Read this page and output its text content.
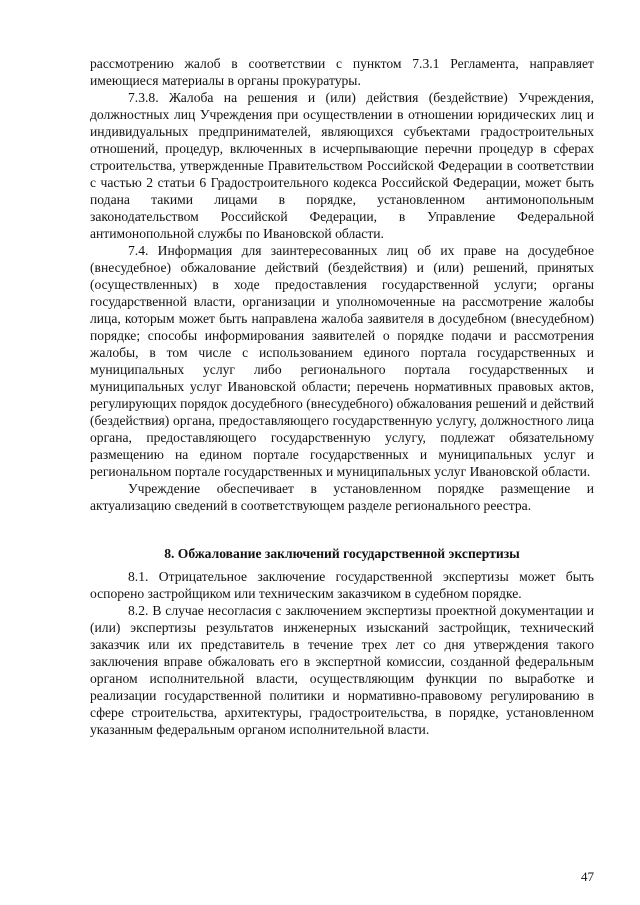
рассмотрению жалоб в соответствии с пунктом 7.3.1 Регламента, направляет имеющиеся материалы в органы прокуратуры.

7.3.8. Жалоба на решения и (или) действия (бездействие) Учреждения, должностных лиц Учреждения при осуществлении в отношении юридических лиц и индивидуальных предпринимателей, являющихся субъектами градостроительных отношений, процедур, включенных в исчерпывающие перечни процедур в сферах строительства, утвержденные Правительством Российской Федерации в соответствии с частью 2 статьи 6 Градостроительного кодекса Российской Федерации, может быть подана такими лицами в порядке, установленном антимонопольным законодательством Российской Федерации, в Управление Федеральной антимонопольной службы по Ивановской области.

7.4. Информация для заинтересованных лиц об их праве на досудебное (внесудебное) обжалование действий (бездействия) и (или) решений, принятых (осуществленных) в ходе предоставления государственной услуги; органы государственной власти, организации и уполномоченные на рассмотрение жалобы лица, которым может быть направлена жалоба заявителя в досудебном (внесудебном) порядке; способы информирования заявителей о порядке подачи и рассмотрения жалобы, в том числе с использованием единого портала государственных и муниципальных услуг либо регионального портала государственных и муниципальных услуг Ивановской области; перечень нормативных правовых актов, регулирующих порядок досудебного (внесудебного) обжалования решений и действий (бездействия) органа, предоставляющего государственную услугу, должностного лица органа, предоставляющего государственную услугу, подлежат обязательному размещению на едином портале государственных и муниципальных услуг и региональном портале государственных и муниципальных услуг Ивановской области.

Учреждение обеспечивает в установленном порядке размещение и актуализацию сведений в соответствующем разделе регионального реестра.

8. Обжалование заключений государственной экспертизы

8.1. Отрицательное заключение государственной экспертизы может быть оспорено застройщиком или техническим заказчиком в судебном порядке.

8.2. В случае несогласия с заключением экспертизы проектной документации и (или) экспертизы результатов инженерных изысканий застройщик, технический заказчик или их представитель в течение трех лет со дня утверждения такого заключения вправе обжаловать его в экспертной комиссии, созданной федеральным органом исполнительной власти, осуществляющим функции по выработке и реализации государственной политики и нормативно-правовому регулированию в сфере строительства, архитектуры, градостроительства, в порядке, установленном указанным федеральным органом исполнительной власти.

47
